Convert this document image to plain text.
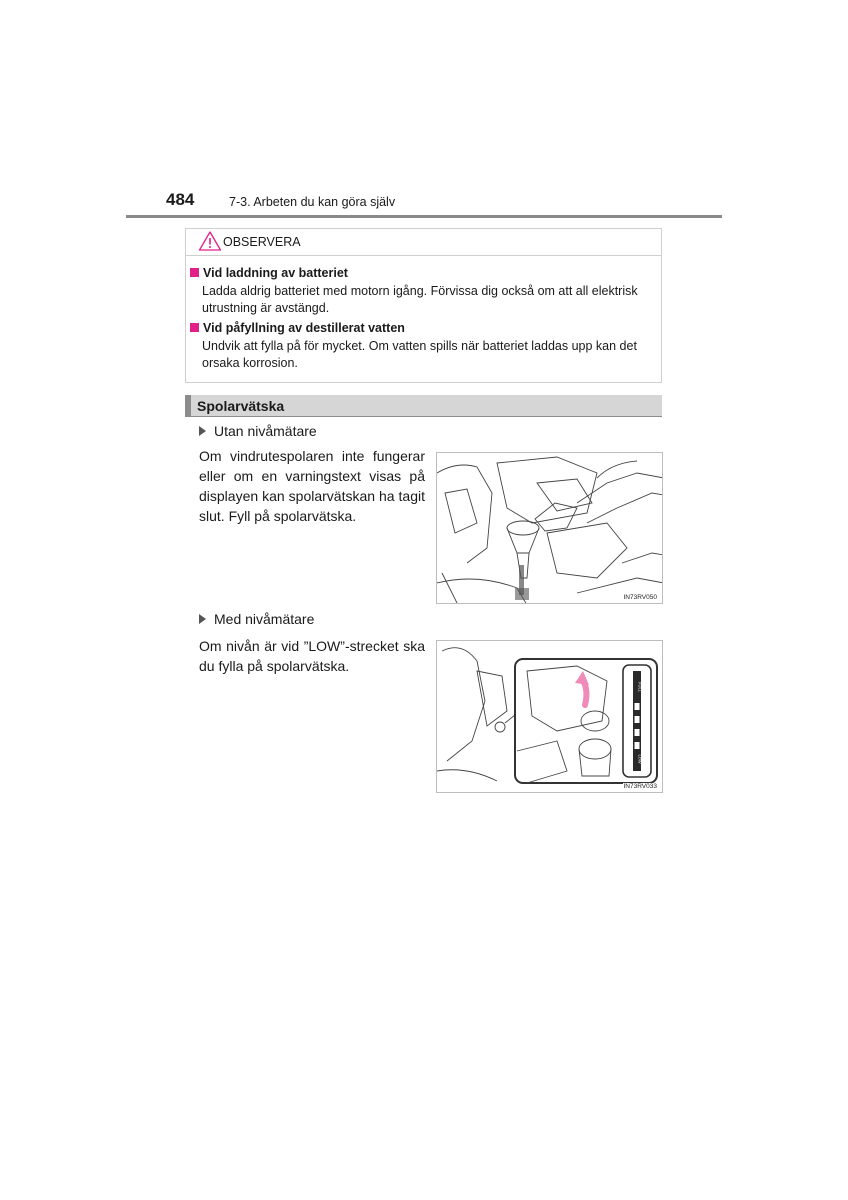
484	7-3. Arbeten du kan göra själv
OBSERVERA
Vid laddning av batteriet
Ladda aldrig batteriet med motorn igång. Förvissa dig också om att all elektrisk utrustning är avstängd.
Vid påfyllning av destillerat vatten
Undvik att fylla på för mycket. Om vatten spills när batteriet laddas upp kan det orsaka korrosion.
Spolarvätska
Utan nivåmätare
Om vindrutespolaren inte fungerar eller om en varningstext visas på displayen kan spolarvätskan ha tagit slut. Fyll på spolarvätska.
IN73RV050
Med nivåmätare
Om nivån är vid ”LOW”-strecket ska du fylla på spolarvätska.
FULL
LOW
IN73RV033
